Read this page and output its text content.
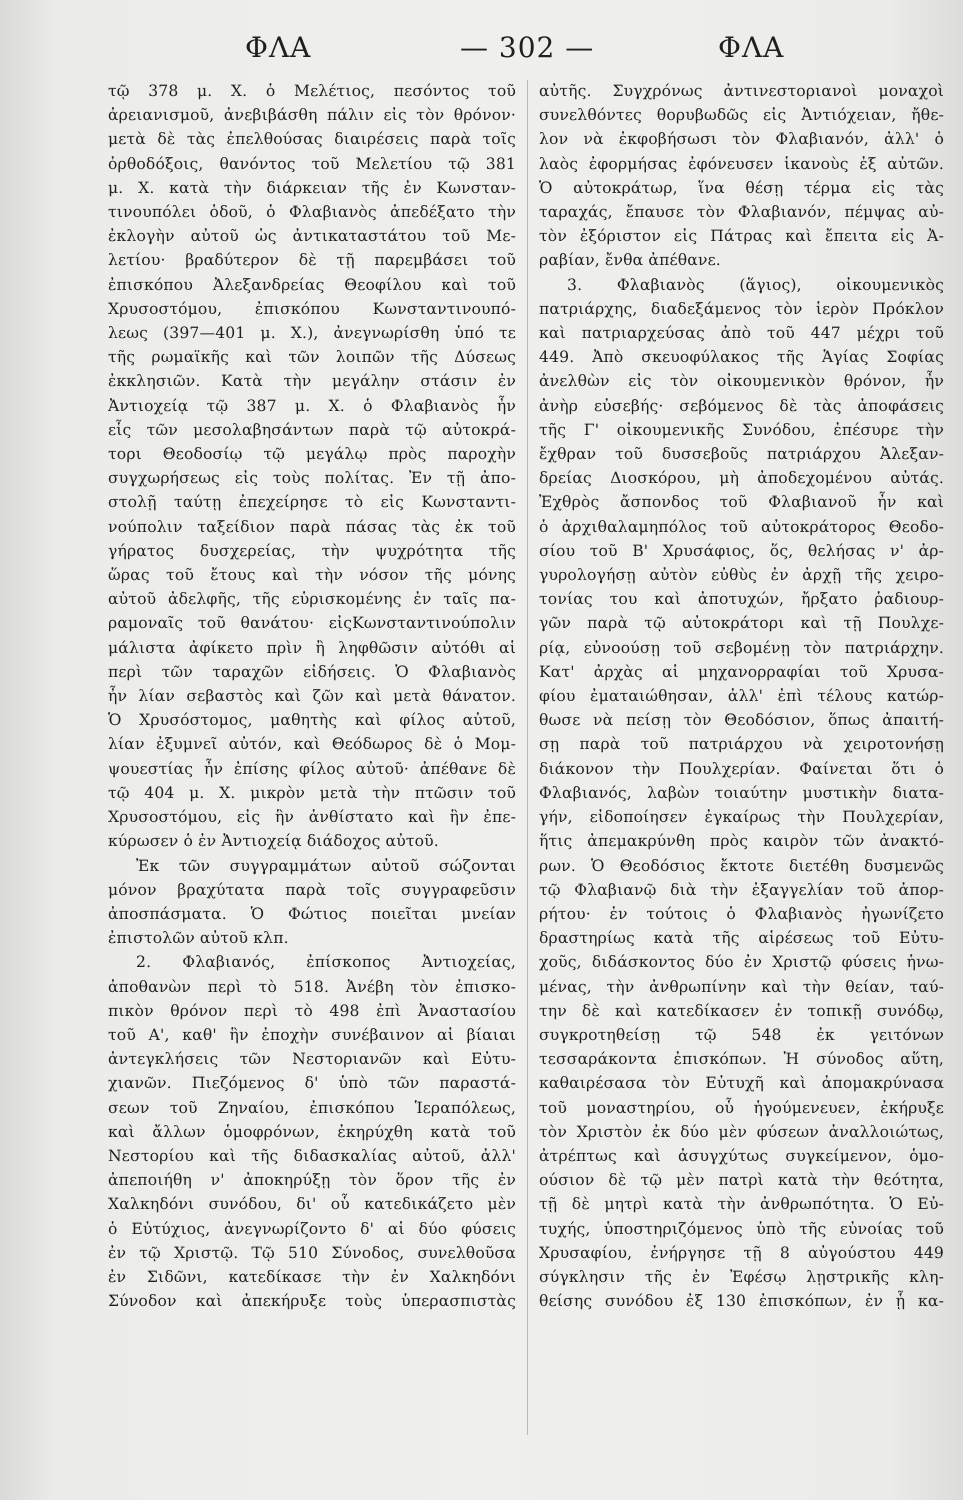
ΦΛΑ	— 302 —	ΦΛΑ
τῷ 378 μ. Χ. ὁ Μελέτιος, πεσόντος τοῦ
ἀρειανισμοῦ, ἀνεβιβάσθη πάλιν εἰς τὸν θρόνον·
μετὰ δὲ τὰς ἐπελθούσας διαιρέσεις παρὰ τοῖς
ὀρθοδόξοις, θανόντος τοῦ Μελετίου τῷ 381
μ. Χ. κατὰ τὴν διάρκειαν τῆς ἐν Κωνσταν-
τινουπόλει ὁδοῦ, ὁ Φλαβιανὸς ἀπεδέξατο τὴν
ἐκλογὴν αὐτοῦ ὡς ἀντικαταστάτου τοῦ Με-
λετίου· βραδύτερον δὲ τῇ παρεμβάσει τοῦ
ἐπισκόπου Ἀλεξανδρείας Θεοφίλου καὶ τοῦ
Χρυσοστόμου, ἐπισκόπου Κωνσταντινουπό-
λεως (397—401 μ. Χ.), ἀνεγνωρίσθη ὑπό τε
τῆς ρωμαϊκῆς καὶ τῶν λοιπῶν τῆς Δύσεως
ἐκκλησιῶν. Κατὰ τὴν μεγάλην στάσιν ἐν
Ἀντιοχείᾳ τῷ 387 μ. Χ. ὁ Φλαβιανὸς ἦν
εἷς τῶν μεσολαβησάντων παρὰ τῷ αὐτοκρά-
τορι Θεοδοσίῳ τῷ μεγάλῳ πρὸς παροχὴν
συγχωρήσεως εἰς τοὺς πολίτας. Ἐν τῇ ἀπο-
στολῇ ταύτῃ ἐπεχείρησε τὸ εἰς Κωνσταντι-
νούπολιν ταξείδιον παρὰ πάσας τὰς ἐκ τοῦ
γήρατος δυσχερείας, τὴν ψυχρότητα τῆς
ὥρας τοῦ ἔτους καὶ τὴν νόσον τῆς μόνης
αὐτοῦ ἀδελφῆς, τῆς εὑρισκομένης ἐν ταῖς πα-
ραμοναῖς τοῦ θανάτου· εἰςΚωνσταντινούπολιν
μάλιστα ἀφίκετο πρὶν ἢ ληφθῶσιν αὐτόθι αἱ
περὶ τῶν ταραχῶν εἰδήσεις. Ὁ Φλαβιανὸς
ἦν λίαν σεβαστὸς καὶ ζῶν καὶ μετὰ θάνατον.
Ὁ Χρυσόστομος, μαθητὴς καὶ φίλος αὐτοῦ,
λίαν ἐξυμνεῖ αὐτόν, καὶ Θεόδωρος δὲ ὁ Μομ-
ψουεστίας ἦν ἐπίσης φίλος αὐτοῦ· ἀπέθανε δὲ
τῷ 404 μ. Χ. μικρὸν μετὰ τὴν πτῶσιν τοῦ
Χρυσοστόμου, εἰς ἣν ἀνθίστατο καὶ ἣν ἐπε-
κύρωσεν ὁ ἐν Ἀντιοχείᾳ διάδοχος αὐτοῦ.
Ἐκ τῶν συγγραμμάτων αὐτοῦ σώζονται
μόνον βραχύτατα παρὰ τοῖς συγγραφεῦσιν
ἀποσπάσματα. Ὁ Φώτιος ποιεῖται μνείαν
ἐπιστολῶν αὐτοῦ κλπ.
2. Φλαβιανός, ἐπίσκοπος Ἀντιοχείας,
ἀποθανὼν περὶ τὸ 518. Ἀνέβη τὸν ἐπισκο-
πικὸν θρόνον περὶ τὸ 498 ἐπὶ Ἀναστασίου
τοῦ Α', καθ' ἣν ἐποχὴν συνέβαινον αἱ βίαιαι
ἀντεγκλήσεις τῶν Νεστοριανῶν καὶ Εὐτυ-
χιανῶν. Πιεζόμενος δ' ὑπὸ τῶν παραστά-
σεων τοῦ Ζηναίου, ἐπισκόπου Ἱεραπόλεως,
καὶ ἄλλων ὁμοφρόνων, ἐκηρύχθη κατὰ τοῦ
Νεστορίου καὶ τῆς διδασκαλίας αὐτοῦ, ἀλλ'
ἀπεποιήθη ν' ἀποκηρύξῃ τὸν ὅρον τῆς ἐν
Χαλκηδόνι συνόδου, δι' οὗ κατεδικάζετο μὲν
ὁ Εὐτύχιος, ἀνεγνωρίζοντο δ' αἱ δύο φύσεις
ἐν τῷ Χριστῷ. Τῷ 510 Σύνοδος, συνελθοῦσα
ἐν Σιδῶνι, κατεδίκασε τὴν ἐν Χαλκηδόνι
Σύνοδον καὶ ἀπεκήρυξε τοὺς ὑπερασπιστὰς
αὐτῆς. Συγχρόνως ἀντινεστοριανοὶ μοναχοὶ
συνελθόντες θορυβωδῶς εἰς Ἀντιόχειαν, ἤθε-
λον νὰ ἐκφοβήσωσι τὸν Φλαβιανόν, ἀλλ' ὁ
λαὸς ἐφορμήσας ἐφόνευσεν ἱκανοὺς ἐξ αὐτῶν.
Ὁ αὐτοκράτωρ, ἵνα θέσῃ τέρμα εἰς τὰς
ταραχάς, ἔπαυσε τὸν Φλαβιανόν, πέμψας αὐ-
τὸν ἐξόριστον εἰς Πάτρας καὶ ἔπειτα εἰς Ἀ-
ραβίαν, ἔνθα ἀπέθανε.
3. Φλαβιανὸς (ἅγιος), οἰκουμενικὸς
πατριάρχης, διαδεξάμενος τὸν ἱερὸν Πρόκλον
καὶ πατριαρχεύσας ἀπὸ τοῦ 447 μέχρι τοῦ
449. Ἀπὸ σκευοφύλακος τῆς Ἁγίας Σοφίας
ἀνελθὼν εἰς τὸν οἰκουμενικὸν θρόνον, ἦν
ἀνὴρ εὐσεβής· σεβόμενος δὲ τὰς ἀποφάσεις
τῆς Γ' οἰκουμενικῆς Συνόδου, ἐπέσυρε τὴν
ἔχθραν τοῦ δυσσεβοῦς πατριάρχου Ἀλεξαν-
δρείας Διοσκόρου, μὴ ἀποδεχομένου αὐτάς.
Ἐχθρὸς ἄσπονδος τοῦ Φλαβιανοῦ ἦν καὶ
ὁ ἀρχιθαλαμηπόλος τοῦ αὐτοκράτορος Θεοδο-
σίου τοῦ Β' Χρυσάφιος, ὅς, θελήσας ν' ἀρ-
γυρολογήσῃ αὐτὸν εὐθὺς ἐν ἀρχῇ τῆς χειρο-
τονίας του καὶ ἀποτυχών, ἤρξατο ῥαδιουρ-
γῶν παρὰ τῷ αὐτοκράτορι καὶ τῇ Πουλχε-
ρίᾳ, εὐνοούσῃ τοῦ σεβομένῃ τὸν πατριάρχην.
Κατ' ἀρχὰς αἱ μηχανορραφίαι τοῦ Χρυσα-
φίου ἐματαιώθησαν, ἀλλ' ἐπὶ τέλους κατώρ-
θωσε νὰ πείσῃ τὸν Θεοδόσιον, ὅπως ἀπαιτή-
σῃ παρὰ τοῦ πατριάρχου νὰ χειροτονήσῃ
διάκονον τὴν Πουλχερίαν. Φαίνεται ὅτι ὁ
Φλαβιανός, λαβὼν τοιαύτην μυστικὴν διατα-
γήν, εἰδοποίησεν ἐγκαίρως τὴν Πουλχερίαν,
ἥτις ἀπεμακρύνθη πρὸς καιρὸν τῶν ἀνακτό-
ρων. Ὁ Θεοδόσιος ἔκτοτε διετέθη δυσμενῶς
τῷ Φλαβιανῷ διὰ τὴν ἐξαγγελίαν τοῦ ἀπορ-
ρήτου· ἐν τούτοις ὁ Φλαβιανὸς ἠγωνίζετο
δραστηρίως κατὰ τῆς αἱρέσεως τοῦ Εὐτυ-
χοῦς, διδάσκοντος δύο ἐν Χριστῷ φύσεις ἡνω-
μένας, τὴν ἀνθρωπίνην καὶ τὴν θείαν, ταύ-
την δὲ καὶ κατεδίκασεν ἐν τοπικῇ συνόδῳ,
συγκροτηθείσῃ τῷ 548 ἐκ γειτόνων
τεσσαράκοντα ἐπισκόπων. Ἡ σύνοδος αὕτη,
καθαιρέσασα τὸν Εὐτυχῆ καὶ ἀπομακρύνασα
τοῦ μοναστηρίου, οὗ ἡγούμενευεν, ἐκήρυξε
τὸν Χριστὸν ἐκ δύο μὲν φύσεων ἀναλλοιώτως,
ἀτρέπτως καὶ ἀσυγχύτως συγκείμενον, ὁμο-
ούσιον δὲ τῷ μὲν πατρὶ κατὰ τὴν θεότητα,
τῇ δὲ μητρὶ κατὰ τὴν ἀνθρωπότητα. Ὁ Εὐ-
τυχής, ὑποστηριζόμενος ὑπὸ τῆς εὐνοίας τοῦ
Χρυσαφίου, ἐνήργησε τῇ 8 αὐγούστου 449
σύγκλησιν τῆς ἐν Ἐφέσῳ λῃστρικῆς κλη-
θείσης συνόδου ἐξ 130 ἐπισκόπων, ἐν ᾗ κα-
